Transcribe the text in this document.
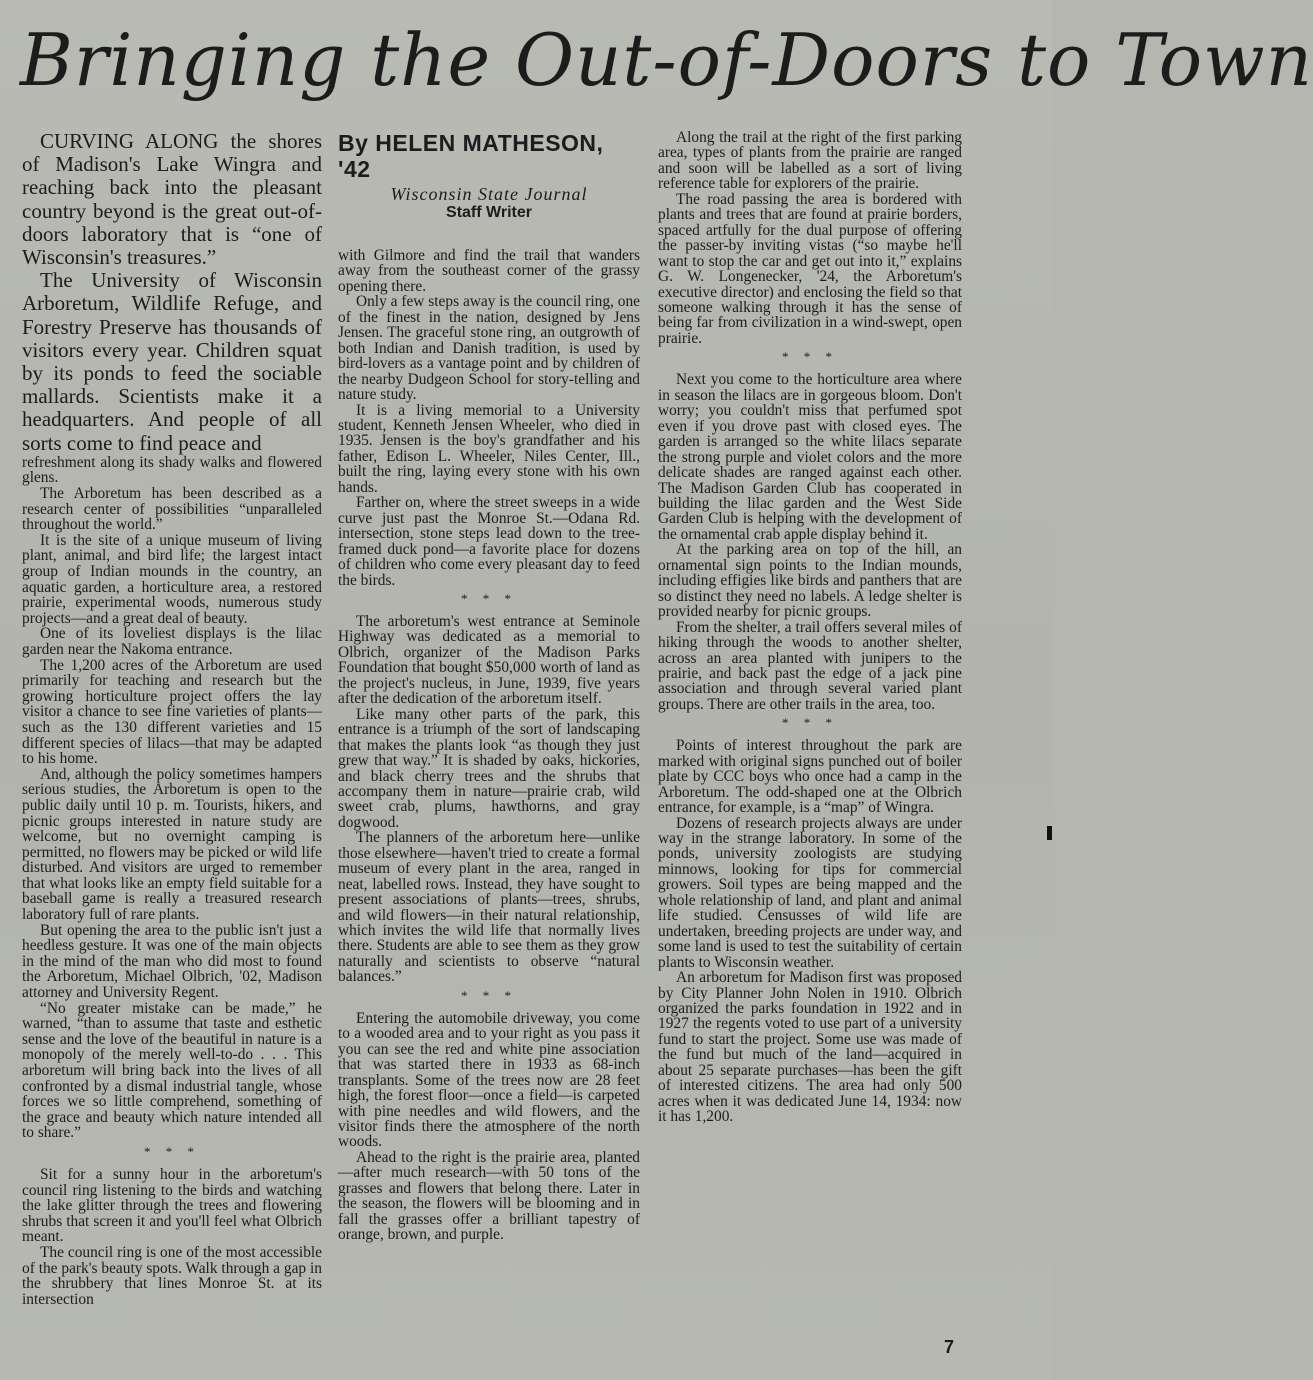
Bringing the Out-of-Doors to Town

CURVING ALONG the shores of Madison's Lake Wingra and reaching back into the pleasant country beyond is the great out-of-doors laboratory that is “one of Wisconsin's treasures.”

The University of Wisconsin Arboretum, Wildlife Refuge, and Forestry Preserve has thousands of visitors every year. Children squat by its ponds to feed the sociable mallards. Scientists make it a headquarters. And people of all sorts come to find peace and

refreshment along its shady walks and flowered glens.

The Arboretum has been described as a research center of possibilities “unparalleled throughout the world.”

It is the site of a unique museum of living plant, animal, and bird life; the largest intact group of Indian mounds in the country, an aquatic garden, a horticulture area, a restored prairie, experimental woods, numerous study projects—and a great deal of beauty.

One of its loveliest displays is the lilac garden near the Nakoma entrance.

The 1,200 acres of the Arboretum are used primarily for teaching and research but the growing horticulture project offers the lay visitor a chance to see fine varieties of plants—such as the 130 different varieties and 15 different species of lilacs—that may be adapted to his home.

And, although the policy sometimes hampers serious studies, the Arboretum is open to the public daily until 10 p. m. Tourists, hikers, and picnic groups interested in nature study are welcome, but no overnight camping is permitted, no flowers may be picked or wild life disturbed. And visitors are urged to remember that what looks like an empty field suitable for a baseball game is really a treasured research laboratory full of rare plants.

But opening the area to the public isn't just a heedless gesture. It was one of the main objects in the mind of the man who did most to found the Arboretum, Michael Olbrich, '02, Madison attorney and University Regent.

“No greater mistake can be made,” he warned, “than to assume that taste and esthetic sense and the love of the beautiful in nature is a monopoly of the merely well-to-do . . . This arboretum will bring back into the lives of all confronted by a dismal industrial tangle, whose forces we so little comprehend, something of the grace and beauty which nature intended all to share.”

* * *

Sit for a sunny hour in the arboretum's council ring listening to the birds and watching the lake glitter through the trees and flowering shrubs that screen it and you'll feel what Olbrich meant.

The council ring is one of the most accessible of the park's beauty spots. Walk through a gap in the shrubbery that lines Monroe St. at its intersection

By HELEN MATHESON, '42
Wisconsin State Journal
Staff Writer

with Gilmore and find the trail that wanders away from the southeast corner of the grassy opening there.

Only a few steps away is the council ring, one of the finest in the nation, designed by Jens Jensen. The graceful stone ring, an outgrowth of both Indian and Danish tradition, is used by bird-lovers as a vantage point and by children of the nearby Dudgeon School for story-telling and nature study.

It is a living memorial to a University student, Kenneth Jensen Wheeler, who died in 1935. Jensen is the boy's grandfather and his father, Edison L. Wheeler, Niles Center, Ill., built the ring, laying every stone with his own hands.

Farther on, where the street sweeps in a wide curve just past the Monroe St.—Odana Rd. intersection, stone steps lead down to the tree-framed duck pond—a favorite place for dozens of children who come every pleasant day to feed the birds.

* * *

The arboretum's west entrance at Seminole Highway was dedicated as a memorial to Olbrich, organizer of the Madison Parks Foundation that bought $50,000 worth of land as the project's nucleus, in June, 1939, five years after the dedication of the arboretum itself.

Like many other parts of the park, this entrance is a triumph of the sort of landscaping that makes the plants look “as though they just grew that way.” It is shaded by oaks, hickories, and black cherry trees and the shrubs that accompany them in nature—prairie crab, wild sweet crab, plums, hawthorns, and gray dogwood.

The planners of the arboretum here—unlike those elsewhere—haven't tried to create a formal museum of every plant in the area, ranged in neat, labelled rows. Instead, they have sought to present associations of plants—trees, shrubs, and wild flowers—in their natural relationship, which invites the wild life that normally lives there. Students are able to see them as they grow naturally and scientists to observe “natural balances.”

* * *

Entering the automobile driveway, you come to a wooded area and to your right as you pass it you can see the red and white pine association that was started there in 1933 as 68-inch transplants. Some of the trees now are 28 feet high, the forest floor—once a field—is carpeted with pine needles and wild flowers, and the visitor finds there the atmosphere of the north woods.

Ahead to the right is the prairie area, planted—after much research—with 50 tons of the grasses and flowers that belong there. Later in the season, the flowers will be blooming and in fall the grasses offer a brilliant tapestry of orange, brown, and purple.

Along the trail at the right of the first parking area, types of plants from the prairie are ranged and soon will be labelled as a sort of living reference table for explorers of the prairie.

The road passing the area is bordered with plants and trees that are found at prairie borders, spaced artfully for the dual purpose of offering the passer-by inviting vistas (“so maybe he'll want to stop the car and get out into it,” explains G. W. Longenecker, '24, the Arboretum's executive director) and enclosing the field so that someone walking through it has the sense of being far from civilization in a wind-swept, open prairie.

* * *

Next you come to the horticulture area where in season the lilacs are in gorgeous bloom. Don't worry; you couldn't miss that perfumed spot even if you drove past with closed eyes. The garden is arranged so the white lilacs separate the strong purple and violet colors and the more delicate shades are ranged against each other. The Madison Garden Club has cooperated in building the lilac garden and the West Side Garden Club is helping with the development of the ornamental crab apple display behind it.

At the parking area on top of the hill, an ornamental sign points to the Indian mounds, including effigies like birds and panthers that are so distinct they need no labels. A ledge shelter is provided nearby for picnic groups.

From the shelter, a trail offers several miles of hiking through the woods to another shelter, across an area planted with junipers to the prairie, and back past the edge of a jack pine association and through several varied plant groups. There are other trails in the area, too.

* * *

Points of interest throughout the park are marked with original signs punched out of boiler plate by CCC boys who once had a camp in the Arboretum. The odd-shaped one at the Olbrich entrance, for example, is a “map” of Wingra.

Dozens of research projects always are under way in the strange laboratory. In some of the ponds, university zoologists are studying minnows, looking for tips for commercial growers. Soil types are being mapped and the whole relationship of land, and plant and animal life studied. Censusses of wild life are undertaken, breeding projects are under way, and some land is used to test the suitability of certain plants to Wisconsin weather.

An arboretum for Madison first was proposed by City Planner John Nolen in 1910. Olbrich organized the parks foundation in 1922 and in 1927 the regents voted to use part of a university fund to start the project. Some use was made of the fund but much of the land—acquired in about 25 separate purchases—has been the gift of interested citizens. The area had only 500 acres when it was dedicated June 14, 1934: now it has 1,200.

7
